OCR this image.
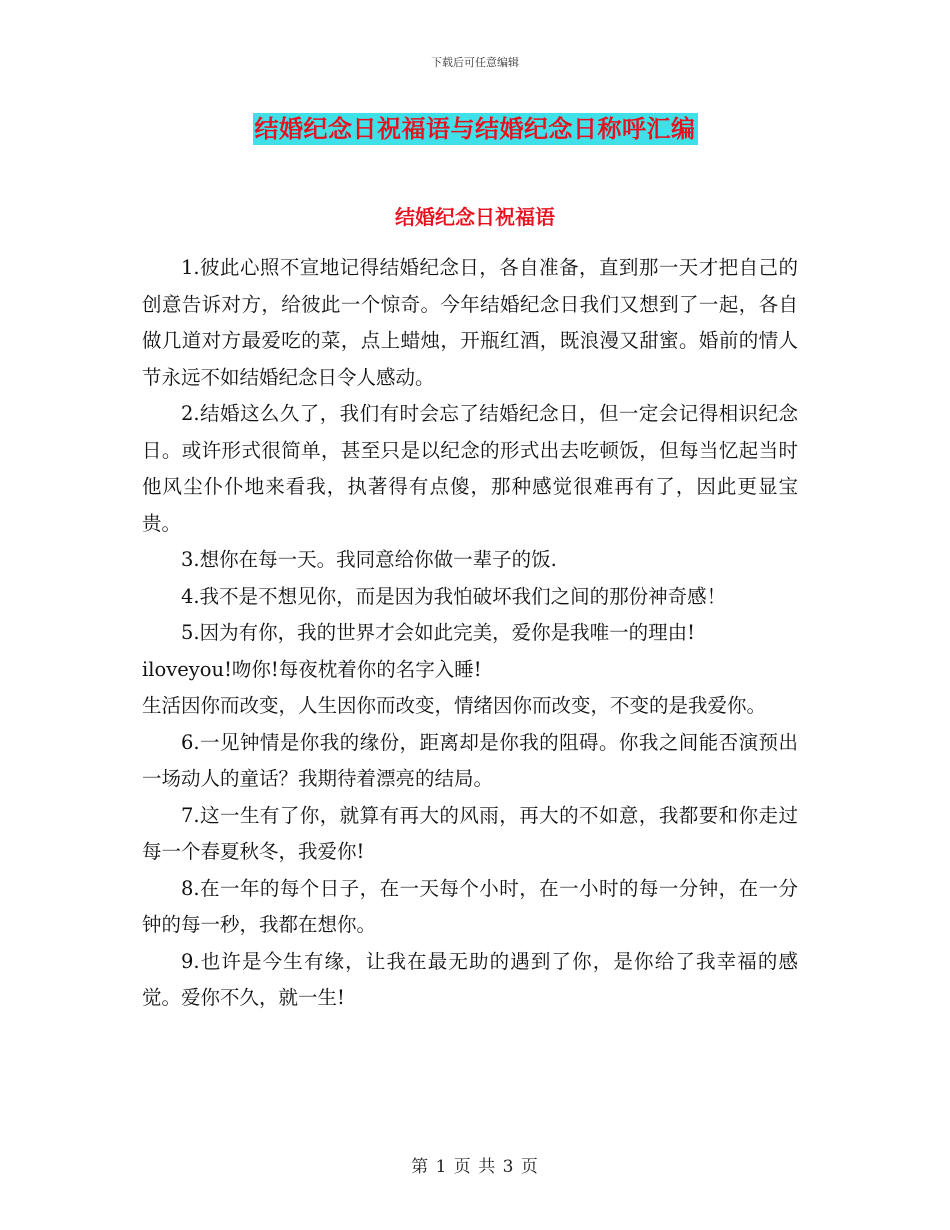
下载后可任意编辑
结婚纪念日祝福语与结婚纪念日称呼汇编
结婚纪念日祝福语

1.彼此心照不宣地记得结婚纪念日，各自准备，直到那一天才把自己的创意告诉对方，给彼此一个惊奇。今年结婚纪念日我们又想到了一起，各自做几道对方最爱吃的菜，点上蜡烛，开瓶红酒，既浪漫又甜蜜。婚前的情人节永远不如结婚纪念日令人感动。

2.结婚这么久了，我们有时会忘了结婚纪念日，但一定会记得相识纪念日。或许形式很简单，甚至只是以纪念的形式出去吃顿饭，但每当忆起当时他风尘仆仆地来看我，执著得有点傻，那种感觉很难再有了，因此更显宝贵。

3.想你在每一天。我同意给你做一辈子的饭.

4.我不是不想见你，而是因为我怕破坏我们之间的那份神奇感！

5.因为有你，我的世界才会如此完美，爱你是我唯一的理由!

iloveyou!吻你!每夜枕着你的名字入睡!

生活因你而改变，人生因你而改变，情绪因你而改变，不变的是我爱你。

6.一见钟情是你我的缘份，距离却是你我的阻碍。你我之间能否演预出一场动人的童话？我期待着漂亮的结局。

7.这一生有了你，就算有再大的风雨，再大的不如意，我都要和你走过每一个春夏秋冬，我爱你!

8.在一年的每个日子，在一天每个小时，在一小时的每一分钟，在一分钟的每一秒，我都在想你。

9.也许是今生有缘，让我在最无助的遇到了你，是你给了我幸福的感觉。爱你不久，就一生!

第 1 页 共 3 页
